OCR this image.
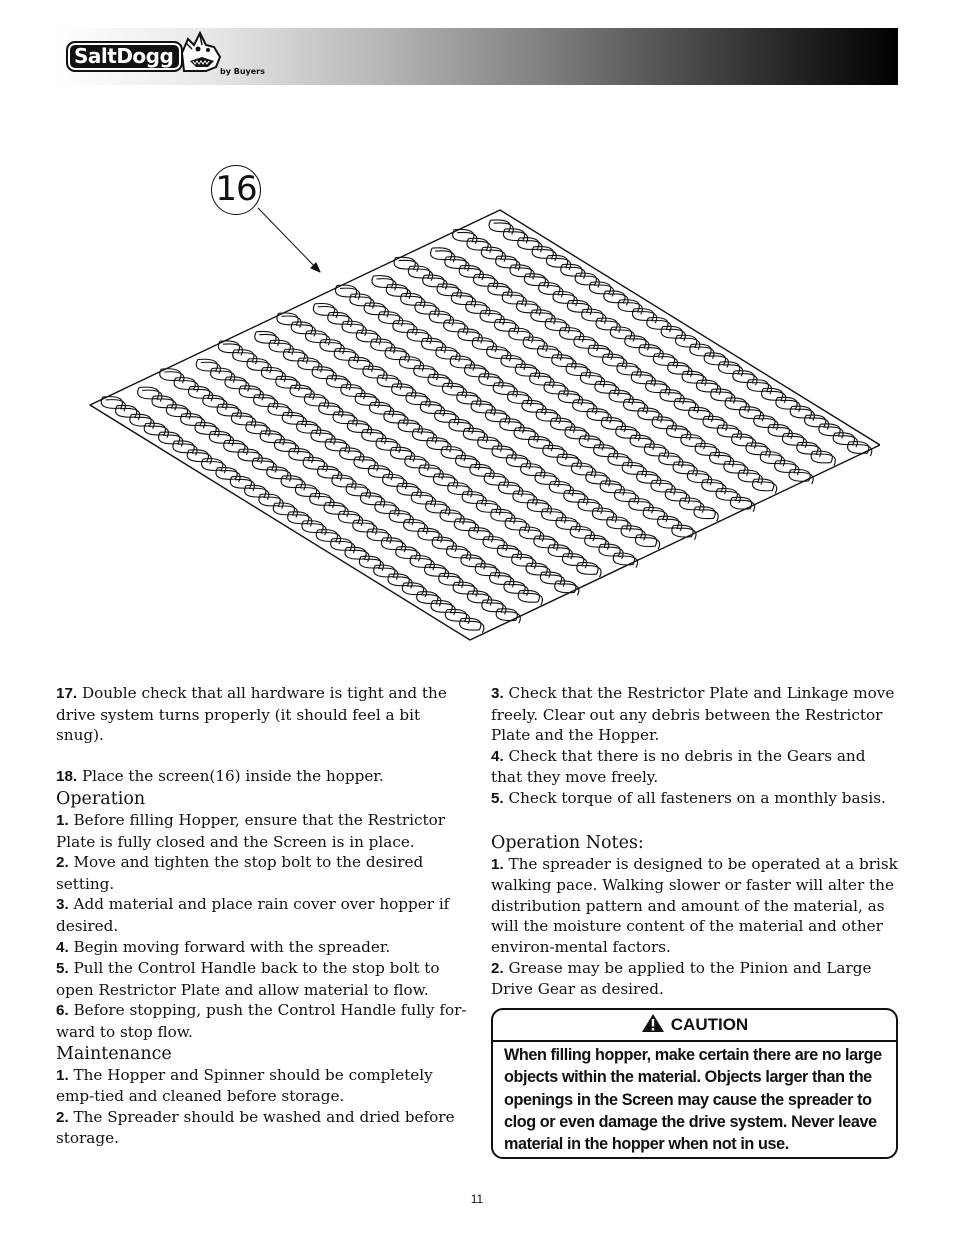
SaltDogg
by Buyers
16

17. Double check that all hardware is tight and the drive system turns properly (it should feel a bit snug).

18. Place the screen(16) inside the hopper.

Operation

1. Before filling Hopper, ensure that the Restrictor Plate is fully closed and the Screen is in place.

2. Move and tighten the stop bolt to the desired setting.

3. Add material and place rain cover over hopper if desired.

4. Begin moving forward with the spreader.

5. Pull the Control Handle back to the stop bolt to open Restrictor Plate and allow material to flow.

6. Before stopping, push the Control Handle fully for-ward to stop flow.

Maintenance

1. The Hopper and Spinner should be completely emp-tied and cleaned before storage.

2. The Spreader should be washed and dried before storage.

3. Check that the Restrictor Plate and Linkage move freely. Clear out any debris between the Restrictor Plate and the Hopper.

4. Check that there is no debris in the Gears and that they move freely.

5. Check torque of all fasteners on a monthly basis.

Operation Notes:

1. The spreader is designed to be operated at a brisk walking pace. Walking slower or faster will alter the distribution pattern and amount of the material, as will the moisture content of the material and other environ-mental factors.

2. Grease may be applied to the Pinion and Large Drive Gear as desired.

CAUTION
When filling hopper, make certain there are no large objects within the material. Objects larger than the openings in the Screen may cause the spreader to clog or even damage the drive system. Never leave material in the hopper when not in use.
11
